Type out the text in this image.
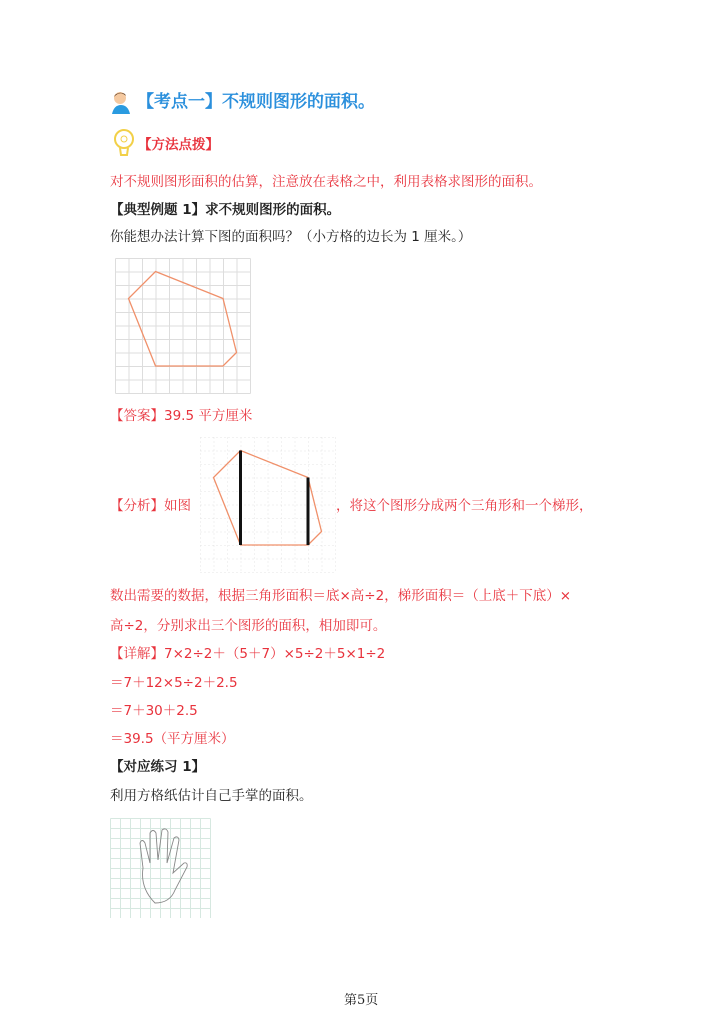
【考点一】不规则图形的面积。
【方法点拨】
对不规则图形面积的估算，注意放在表格之中，利用表格求图形的面积。
【典型例题 1】求不规则图形的面积。
你能想办法计算下图的面积吗？（小方格的边长为 1 厘米。）
【答案】39.5 平方厘米
【分析】如图	，将这个图形分成两个三角形和一个梯形，
数出需要的数据，根据三角形面积＝底×高÷2，梯形面积＝（上底＋下底）×
高÷2，分别求出三个图形的面积，相加即可。
【详解】7×2÷2＋（5＋7）×5÷2＋5×1÷2
＝7＋12×5÷2＋2.5
＝7＋30＋2.5
＝39.5（平方厘米）
【对应练习 1】
利用方格纸估计自己手掌的面积。
第5页
